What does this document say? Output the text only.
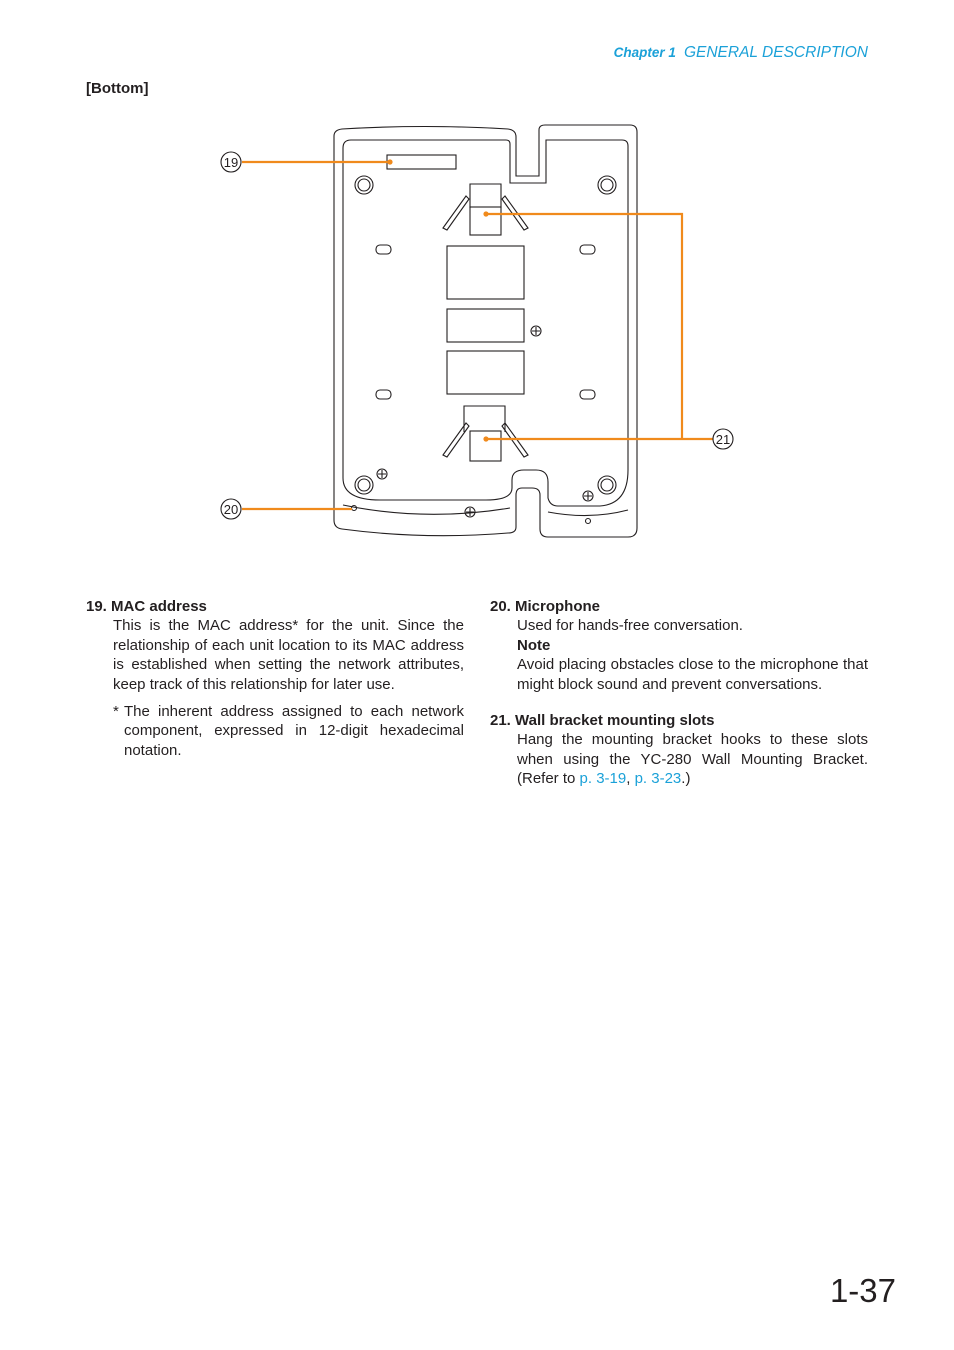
Chapter 1 GENERAL DESCRIPTION
[Bottom]
19
20
21
19. MAC address
This is the MAC address* for the unit. Since the relationship of each unit location to its MAC address is established when setting the network attributes, keep track of this relationship for later use.
* The inherent address assigned to each network component, expressed in 12-digit hexadecimal notation.
20. Microphone
Used for hands-free conversation.
Note
Avoid placing obstacles close to the microphone that might block sound and prevent conversations.
21. Wall bracket mounting slots
Hang the mounting bracket hooks to these slots when using the YC-280 Wall Mounting Bracket. (Refer to p. 3-19, p. 3-23.)
1-37
